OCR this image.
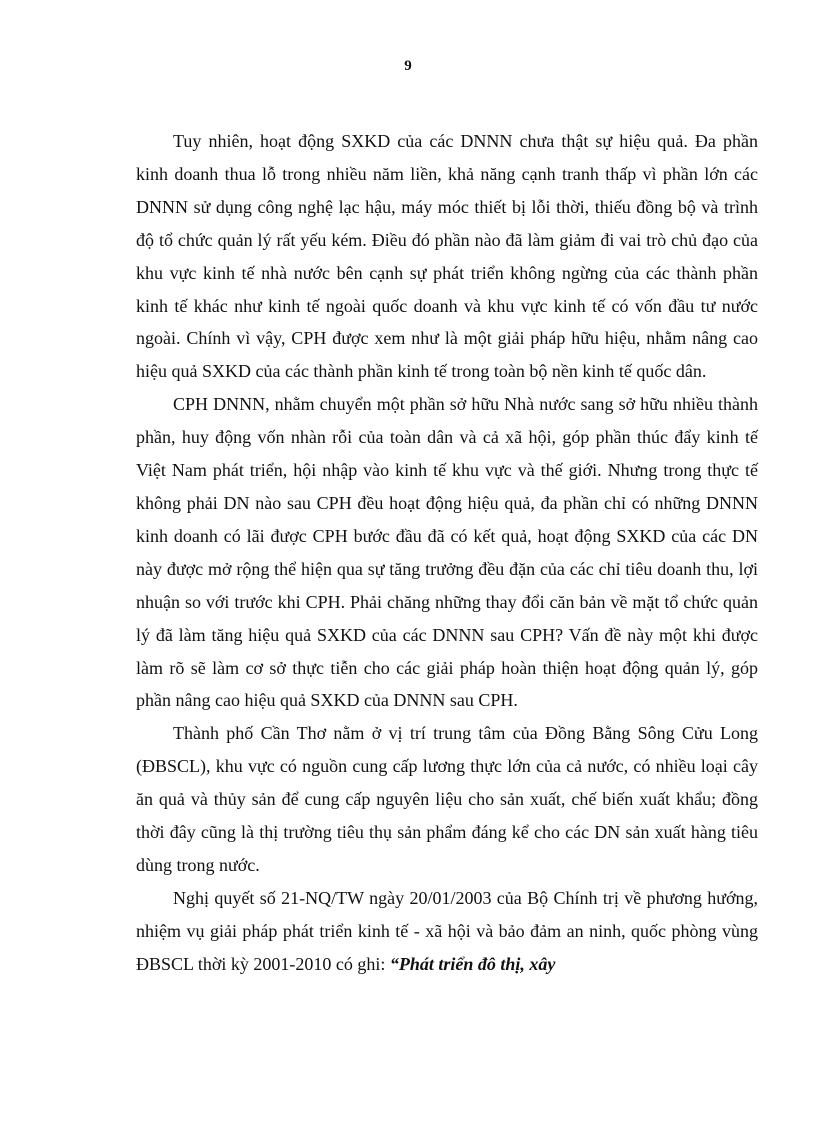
9

Tuy nhiên, hoạt động SXKD của các DNNN chưa thật sự hiệu quả. Đa phần kinh doanh thua lỗ trong nhiều năm liền, khả năng cạnh tranh thấp vì phần lớn các DNNN sử dụng công nghệ lạc hậu, máy móc thiết bị lỗi thời, thiếu đồng bộ và trình độ tổ chức quản lý rất yếu kém. Điều đó phần nào đã làm giảm đi vai trò chủ đạo của khu vực kinh tế nhà nước bên cạnh sự phát triển không ngừng của các thành phần kinh tế khác như kinh tế ngoài quốc doanh và khu vực kinh tế có vốn đầu tư nước ngoài. Chính vì vậy, CPH được xem như là một giải pháp hữu hiệu, nhằm nâng cao hiệu quả SXKD của các thành phần kinh tế trong toàn bộ nền kinh tế quốc dân.

CPH DNNN, nhằm chuyển một phần sở hữu Nhà nước sang sở hữu nhiều thành phần, huy động vốn nhàn rỗi của toàn dân và cả xã hội, góp phần thúc đẩy kinh tế Việt Nam phát triển, hội nhập vào kinh tế khu vực và thế giới. Nhưng trong thực tế không phải DN nào sau CPH đều hoạt động hiệu quả, đa phần chỉ có những DNNN kinh doanh có lãi được CPH bước đầu đã có kết quả, hoạt động SXKD của các DN này được mở rộng thể hiện qua sự tăng trưởng đều đặn của các chỉ tiêu doanh thu, lợi nhuận so với trước khi CPH. Phải chăng những thay đổi căn bản về mặt tổ chức quản lý đã làm tăng hiệu quả SXKD của các DNNN sau CPH? Vấn đề này một khi được làm rõ sẽ làm cơ sở thực tiễn cho các giải pháp hoàn thiện hoạt động quản lý, góp phần nâng cao hiệu quả SXKD của DNNN sau CPH.

Thành phố Cần Thơ nằm ở vị trí trung tâm của Đồng Bằng Sông Cửu Long (ĐBSCL), khu vực có nguồn cung cấp lương thực lớn của cả nước, có nhiều loại cây ăn quả và thủy sản để cung cấp nguyên liệu cho sản xuất, chế biến xuất khẩu; đồng thời đây cũng là thị trường tiêu thụ sản phẩm đáng kể cho các DN sản xuất hàng tiêu dùng trong nước.

Nghị quyết số 21-NQ/TW ngày 20/01/2003 của Bộ Chính trị về phương hướng, nhiệm vụ giải pháp phát triển kinh tế - xã hội và bảo đảm an ninh, quốc phòng vùng ĐBSCL thời kỳ 2001-2010 có ghi: “Phát triển đô thị, xây
